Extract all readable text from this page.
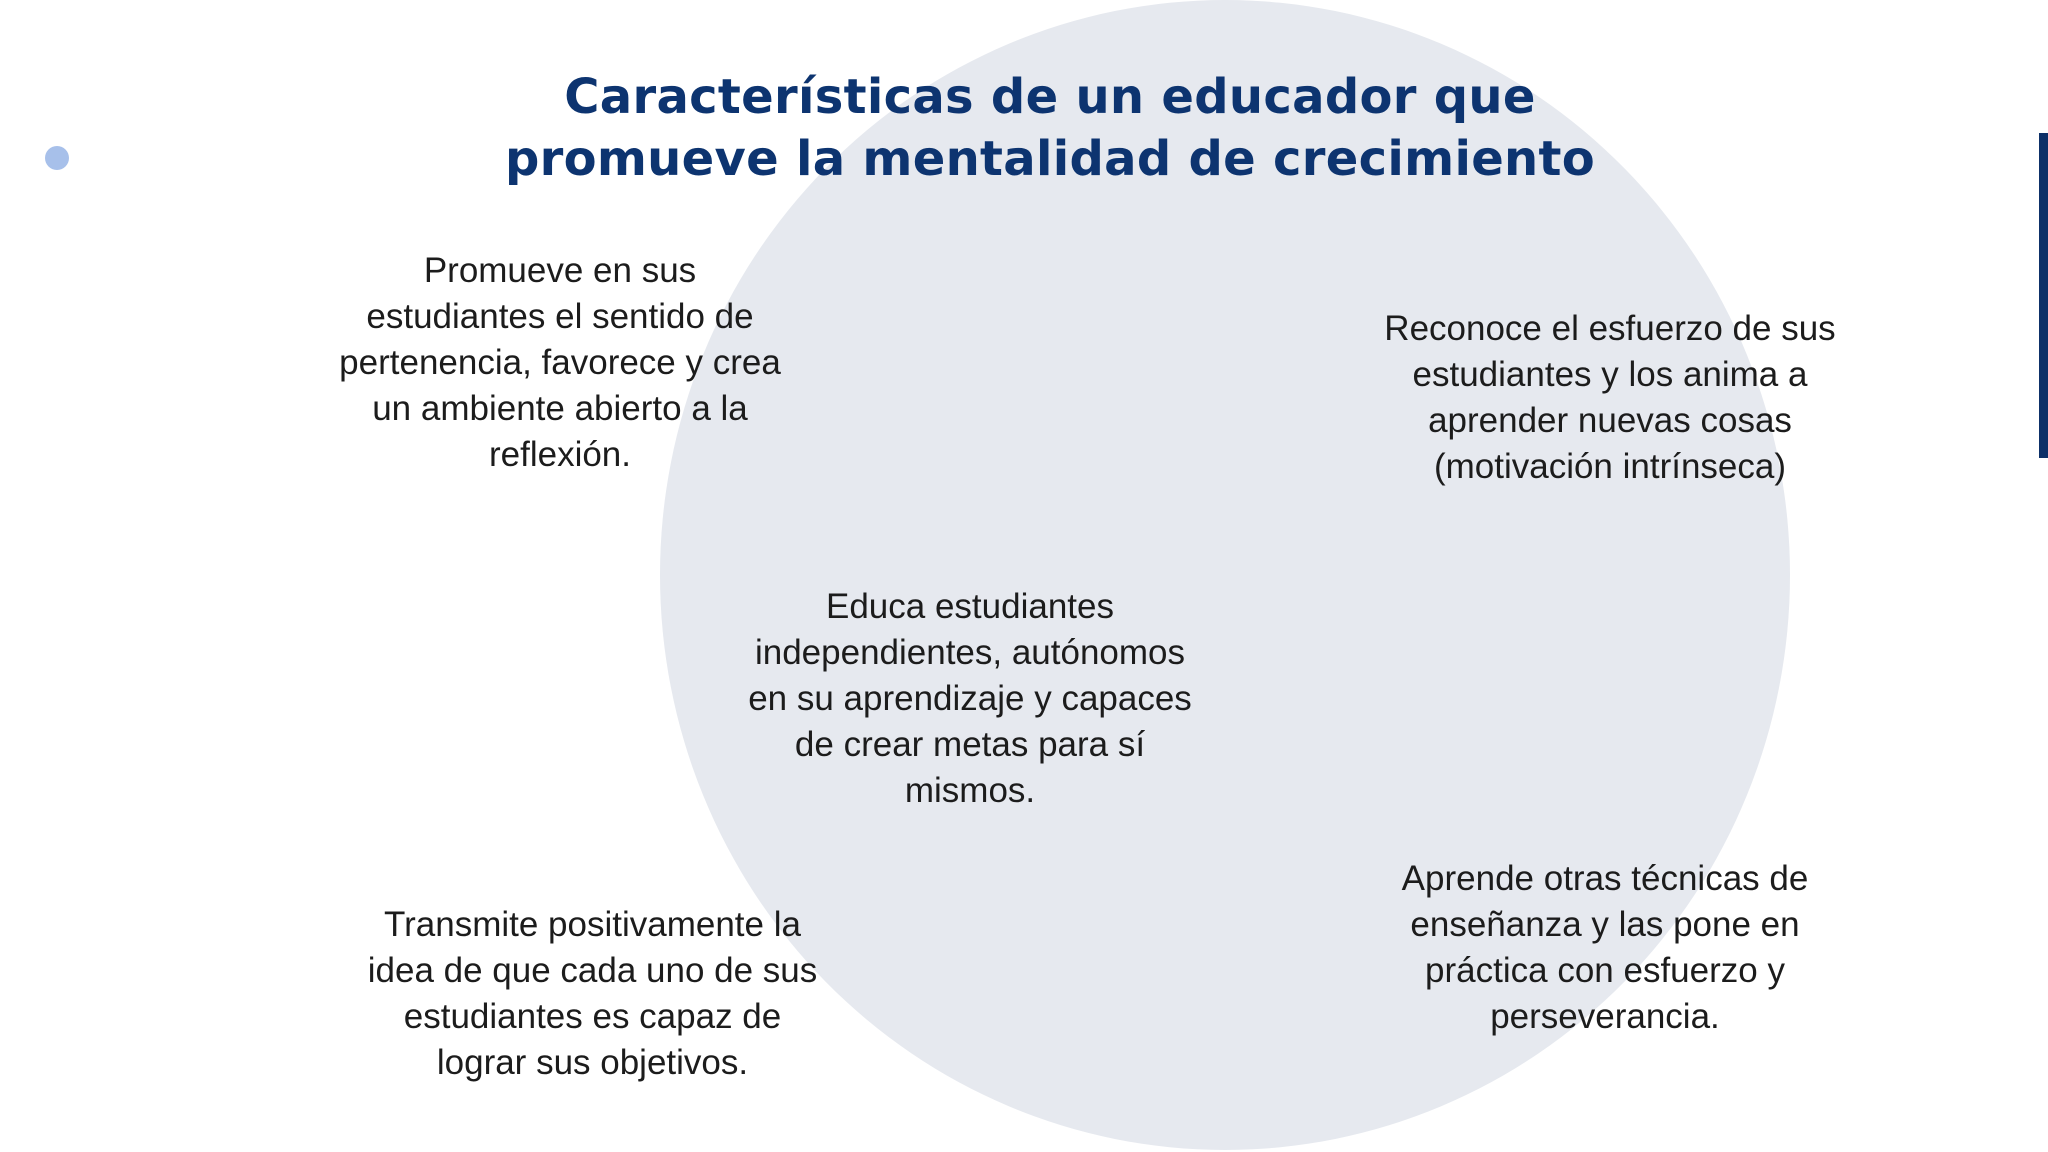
Características de un educador que
promueve la mentalidad de crecimiento

Promueve en sus
estudiantes el sentido de
pertenencia, favorece y crea
un ambiente abierto a la
reflexión.

Reconoce el esfuerzo de sus
estudiantes y los anima a
aprender nuevas cosas
(motivación intrínseca)

Educa estudiantes
independientes, autónomos
en su aprendizaje y capaces
de crear metas para sí
mismos.

Transmite positivamente la
idea de que cada uno de sus
estudiantes es capaz de
lograr sus objetivos.

Aprende otras técnicas de
enseñanza y las pone en
práctica con esfuerzo y
perseverancia.
